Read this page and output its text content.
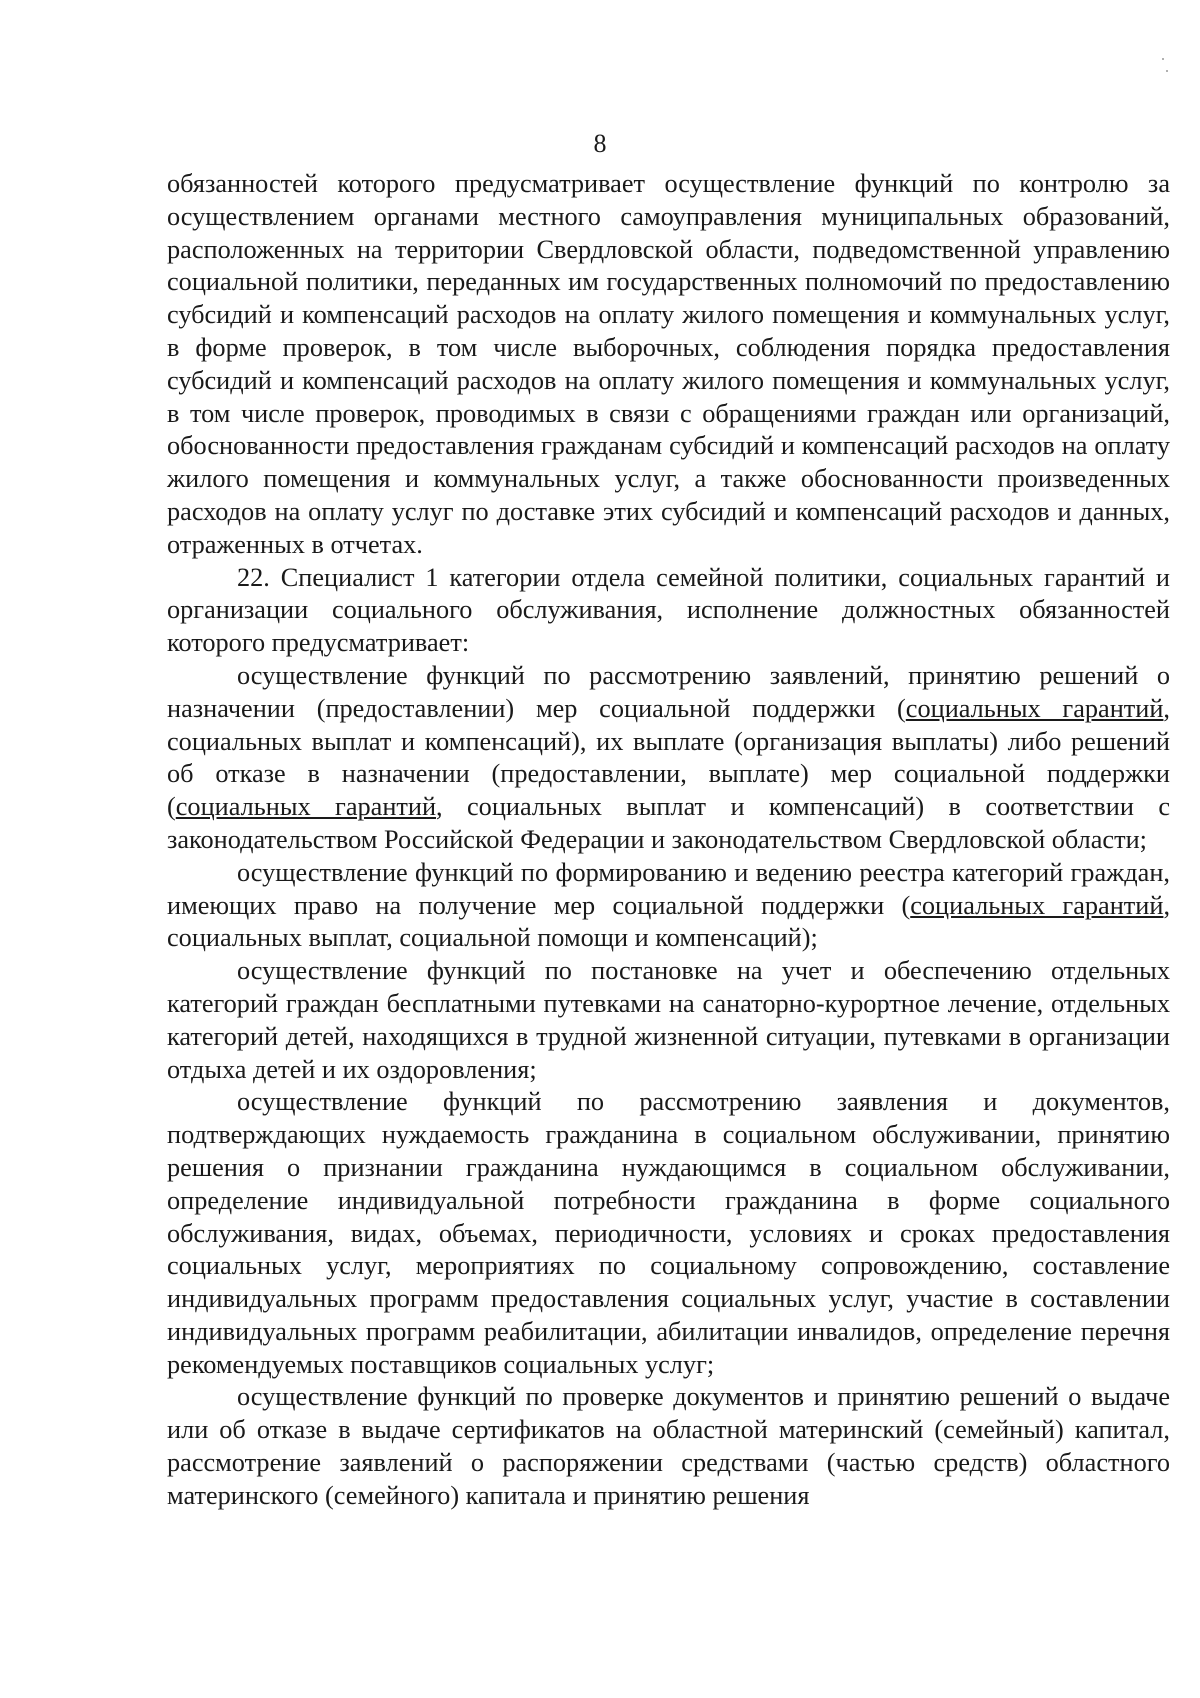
8

обязанностей которого предусматривает осуществление функций по контролю за осуществлением органами местного самоуправления муниципальных образований, расположенных на территории Свердловской области, подведомственной управлению социальной политики, переданных им государственных полномочий по предоставлению субсидий и компенсаций расходов на оплату жилого помещения и коммунальных услуг, в форме проверок, в том числе выборочных, соблюдения порядка предоставления субсидий и компенсаций расходов на оплату жилого помещения и коммунальных услуг, в том числе проверок, проводимых в связи с обращениями граждан или организаций, обоснованности предоставления гражданам субсидий и компенсаций расходов на оплату жилого помещения и коммунальных услуг, а также обоснованности произведенных расходов на оплату услуг по доставке этих субсидий и компенсаций расходов и данных, отраженных в отчетах.

22. Специалист 1 категории отдела семейной политики, социальных гарантий и организации социального обслуживания, исполнение должностных обязанностей которого предусматривает:

осуществление функций по рассмотрению заявлений, принятию решений о назначении (предоставлении) мер социальной поддержки (социальных гарантий, социальных выплат и компенсаций), их выплате (организация выплаты) либо решений об отказе в назначении (предоставлении, выплате) мер социальной поддержки (социальных гарантий, социальных выплат и компенсаций) в соответствии с законодательством Российской Федерации и законодательством Свердловской области;

осуществление функций по формированию и ведению реестра категорий граждан, имеющих право на получение мер социальной поддержки (социальных гарантий, социальных выплат, социальной помощи и компенсаций);

осуществление функций по постановке на учет и обеспечению отдельных категорий граждан бесплатными путевками на санаторно-курортное лечение, отдельных категорий детей, находящихся в трудной жизненной ситуации, путевками в организации отдыха детей и их оздоровления;

осуществление функций по рассмотрению заявления и документов, подтверждающих нуждаемость гражданина в социальном обслуживании, принятию решения о признании гражданина нуждающимся в социальном обслуживании, определение индивидуальной потребности гражданина в форме социального обслуживания, видах, объемах, периодичности, условиях и сроках предоставления социальных услуг, мероприятиях по социальному сопровождению, составление индивидуальных программ предоставления социальных услуг, участие в составлении индивидуальных программ реабилитации, абилитации инвалидов, определение перечня рекомендуемых поставщиков социальных услуг;

осуществление функций по проверке документов и принятию решений о выдаче или об отказе в выдаче сертификатов на областной материнский (семейный) капитал, рассмотрение заявлений о распоряжении средствами (частью средств) областного материнского (семейного) капитала и принятию решения
